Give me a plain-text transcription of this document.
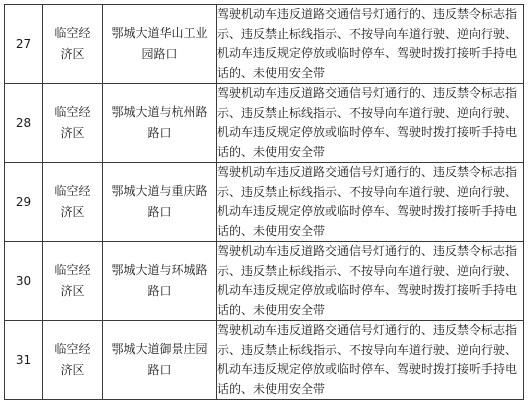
27	临空经济区	鄂城大道华山工业园路口	驾驶机动车违反道路交通信号灯通行的、违反禁令标志指示、违反禁止标线指示、不按导向车道行驶、逆向行驶、机动车违反规定停放或临时停车、驾驶时拨打接听手持电话的、未使用安全带

28	临空经济区	鄂城大道与杭州路路口	驾驶机动车违反道路交通信号灯通行的、违反禁令标志指示、违反禁止标线指示、不按导向车道行驶、逆向行驶、机动车违反规定停放或临时停车、驾驶时拨打接听手持电话的、未使用安全带

29	临空经济区	鄂城大道与重庆路路口	驾驶机动车违反道路交通信号灯通行的、违反禁令标志指示、违反禁止标线指示、不按导向车道行驶、逆向行驶、机动车违反规定停放或临时停车、驾驶时拨打接听手持电话的、未使用安全带

30	临空经济区	鄂城大道与环城路路口	驾驶机动车违反道路交通信号灯通行的、违反禁令标志指示、违反禁止标线指示、不按导向车道行驶、逆向行驶、机动车违反规定停放或临时停车、驾驶时拨打接听手持电话的、未使用安全带

31	临空经济区	鄂城大道御景庄园路口	驾驶机动车违反道路交通信号灯通行的、违反禁令标志指示、违反禁止标线指示、不按导向车道行驶、逆向行驶、机动车违反规定停放或临时停车、驾驶时拨打接听手持电话的、未使用安全带
